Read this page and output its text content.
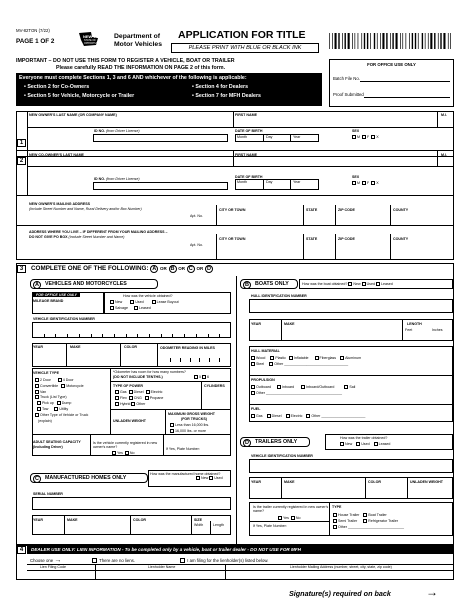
MV-82TON (7/22)
PAGE 1 OF 2
NEW YORK
STATE OF OPPORTUNITY.
Department of
Motor Vehicles
APPLICATION FOR TITLE
PLEASE PRINT WITH BLUE OR BLACK INK
IMPORTANT – DO NOT USE THIS FORM TO REGISTER A VEHICLE, BOAT OR TRAILER
Please carefully READ THE INFORMATION ON PAGE 2 of this form.
Everyone must complete Sections 1, 3 and 6 AND whichever of the following is applicable:
• Section 2 for Co-Owners	• Section 4 for Dealers
• Section 5 for Vehicle, Motorcycle or Trailer	• Section 7 for MFH Dealers
FOR OFFICE USE ONLY
Batch File No.
Proof Submitted
1
NEW OWNER'S LAST NAME (OR COMPANY NAME)	FIRST NAME	M.I.
ID NO. (from Driver License)	DATE OF BIRTH
Month	Day	Year
SEX
M F X
2
NEW CO-OWNER'S LAST NAME	FIRST NAME	M.I.
ID NO. (from Driver License)	DATE OF BIRTH
Month	Day	Year
SEX
M F X
NEW OWNER'S MAILING ADDRESS
(Include Street Number and Name, Rural Delivery and/or Box Number)
Apt. No.
CITY OR TOWN	STATE	ZIP CODE	COUNTY
ADDRESS WHERE YOU LIVE – IF DIFFERENT FROM YOUR MAILING ADDRESS –
DO NOT GIVE PO BOX (Include Street Number and Name)
Apt. No.
CITY OR TOWN	STATE	ZIP CODE	COUNTY
3	COMPLETE ONE OF THE FOLLOWING: A OR B OR C OR D
A	VEHICLES AND MOTORCYCLES
FOR OFFICE USE ONLY
MILEAGE BRAND
How was the vehicle obtained?
New	Used	Lease Buyout
Salvage	Leased
VEHICLE IDENTIFICATION NUMBER
YEAR	MAKE	COLOR	ODOMETER READING IN MILES
VEHICLE TYPE
2 Door	4 Door
Convertible Motorcycle
Van
Truck (List Type)
Pick up Dump
Tow	Utility
Other Type of Vehicle or Truck
(explain)
*Odometer has room for how many numbers?
(DO NOT INCLUDE TENTHS.)	5 6
TYPE OF POWER
Gas Diesel Electric
Flex CNG Propane
Hybrid Other
CYLINDERS
UNLADEN WEIGHT
MAXIMUM GROSS WEIGHT
(FOR TRUCKS)
Less than 16,000 lbs.
16,000 lbs. or more
ADULT SEATING CAPACITY
(Including Driver)
Is the vehicle currently registered in new owner's name?
Yes No
If Yes, Plate Number:
C	MANUFACTURED HOMES ONLY
How was the manufactured home obtained?
New Used
SERIAL NUMBER
YEAR	MAKE	COLOR	SIZE
Width	Length
B	BOATS ONLY	How was the boat obtained? New Used Leased
HULL IDENTIFICATION NUMBER
YEAR	MAKE	LENGTH
Feet	Inches
HULL MATERIAL
Wood	Plastic Inflatable	Fiberglass	Aluminum
Steel	Other ________________________________
PROPULSION
Outboard	Inboard	Inboard/Outboard	Sail
Other ______________________________________
FUEL
Gas	Diesel	Electric	Other ______________________
D	TRAILERS ONLY
How was the trailer obtained?
New	Used	Leased
VEHICLE IDENTIFICATION NUMBER
YEAR	MAKE	COLOR	UNLADEN WEIGHT
Is the trailer currently registered in new owner's name?
Yes No
If Yes, Plate Number:
TYPE
House Trailer	Boat Trailer
Semi Trailer	Refrigerator Trailer
Other ____________________________
4	DEALER USE ONLY: LIEN INFORMATION - To be completed only by a vehicle, boat or trailer dealer - DO NOT USE FOR MFH
Choose one →	There are no liens.	I am filing for the lienholder(s) listed below.
Lien Filing Code	Lienholder Name	Lienholder Mailing Address (number, street, city, state, zip code)
Signature(s) required on back	→
